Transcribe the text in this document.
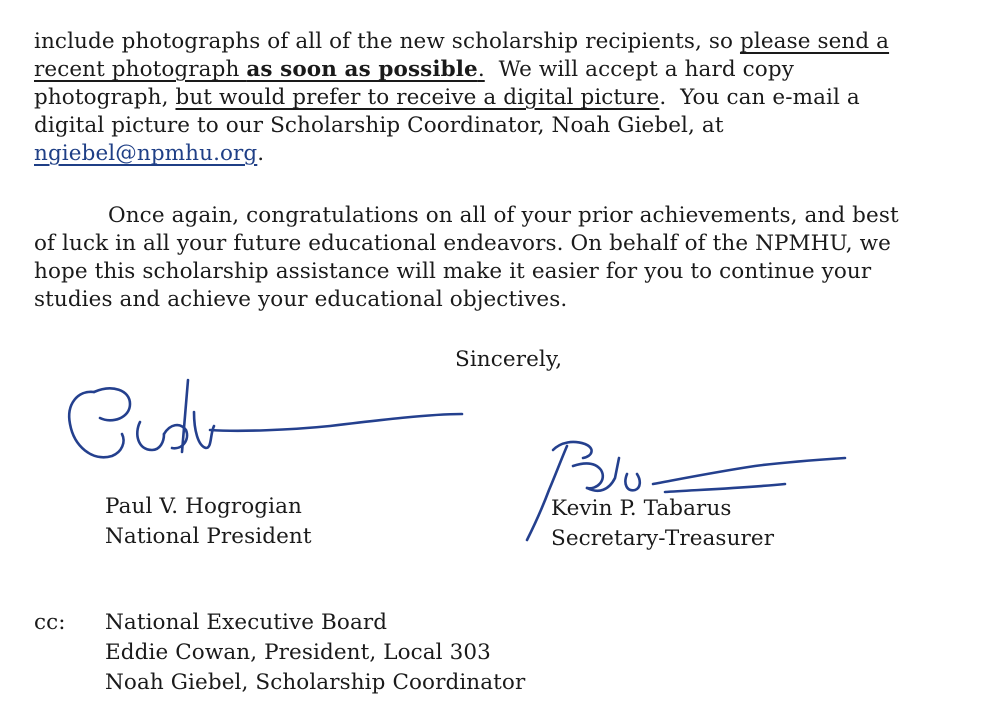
include photographs of all of the new scholarship recipients, so please send a
recent photograph as soon as possible.  We will accept a hard copy
photograph, but would prefer to receive a digital picture.  You can e-mail a
digital picture to our Scholarship Coordinator, Noah Giebel, at
ngiebel@npmhu.org.
Once again, congratulations on all of your prior achievements, and best
of luck in all your future educational endeavors. On behalf of the NPMHU, we
hope this scholarship assistance will make it easier for you to continue your
studies and achieve your educational objectives.
Sincerely,
Paul V. Hogrogian
National President
Kevin P. Tabarus
Secretary-Treasurer
cc: National Executive Board
Eddie Cowan, President, Local 303
Noah Giebel, Scholarship Coordinator
